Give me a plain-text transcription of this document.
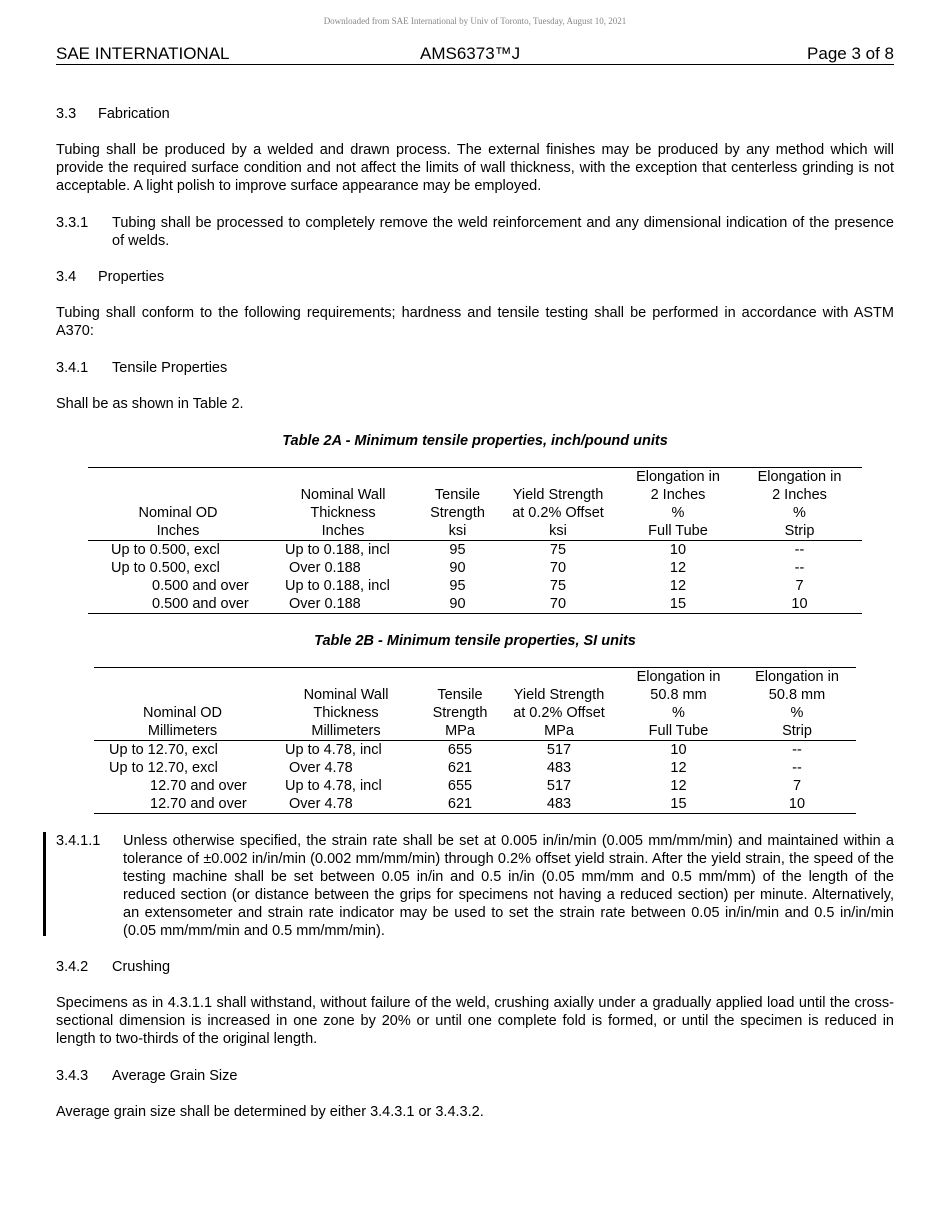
Downloaded from SAE International by Univ of Toronto, Tuesday, August 10, 2021
SAE INTERNATIONAL	AMS6373™J	Page 3 of 8
3.3 Fabrication
Tubing shall be produced by a welded and drawn process. The external finishes may be produced by any method which will provide the required surface condition and not affect the limits of wall thickness, with the exception that centerless grinding is not acceptable. A light polish to improve surface appearance may be employed.
3.3.1 Tubing shall be processed to completely remove the weld reinforcement and any dimensional indication of the presence of welds.
3.4 Properties
Tubing shall conform to the following requirements; hardness and tensile testing shall be performed in accordance with ASTM A370:
3.4.1 Tensile Properties
Shall be as shown in Table 2.
Table 2A - Minimum tensile properties, inch/pound units
				Elongation in	Elongation in
	Nominal Wall	Tensile	Yield Strength	2 Inches	2 Inches
Nominal OD	Thickness	Strength	at 0.2% Offset	%	%
Inches	Inches	ksi	ksi	Full Tube	Strip
Up to 0.500, excl	Up to 0.188, incl	95	75	10	--
Up to 0.500, excl	Over 0.188	90	70	12	--
0.500 and over	Up to 0.188, incl	95	75	12	7
0.500 and over	Over 0.188	90	70	15	10
Table 2B - Minimum tensile properties, SI units
				Elongation in	Elongation in
	Nominal Wall	Tensile	Yield Strength	50.8 mm	50.8 mm
Nominal OD	Thickness	Strength	at 0.2% Offset	%	%
Millimeters	Millimeters	MPa	MPa	Full Tube	Strip
Up to 12.70, excl	Up to 4.78, incl	655	517	10	--
Up to 12.70, excl	Over 4.78	621	483	12	--
12.70 and over	Up to 4.78, incl	655	517	12	7
12.70 and over	Over 4.78	621	483	15	10
3.4.1.1 Unless otherwise specified, the strain rate shall be set at 0.005 in/in/min (0.005 mm/mm/min) and maintained within a tolerance of ±0.002 in/in/min (0.002 mm/mm/min) through 0.2% offset yield strain. After the yield strain, the speed of the testing machine shall be set between 0.05 in/in and 0.5 in/in (0.05 mm/mm and 0.5 mm/mm) of the length of the reduced section (or distance between the grips for specimens not having a reduced section) per minute. Alternatively, an extensometer and strain rate indicator may be used to set the strain rate between 0.05 in/in/min and 0.5 in/in/min (0.05 mm/mm/min and 0.5 mm/mm/min).
3.4.2 Crushing
Specimens as in 4.3.1.1 shall withstand, without failure of the weld, crushing axially under a gradually applied load until the cross-sectional dimension is increased in one zone by 20% or until one complete fold is formed, or until the specimen is reduced in length to two-thirds of the original length.
3.4.3 Average Grain Size
Average grain size shall be determined by either 3.4.3.1 or 3.4.3.2.
